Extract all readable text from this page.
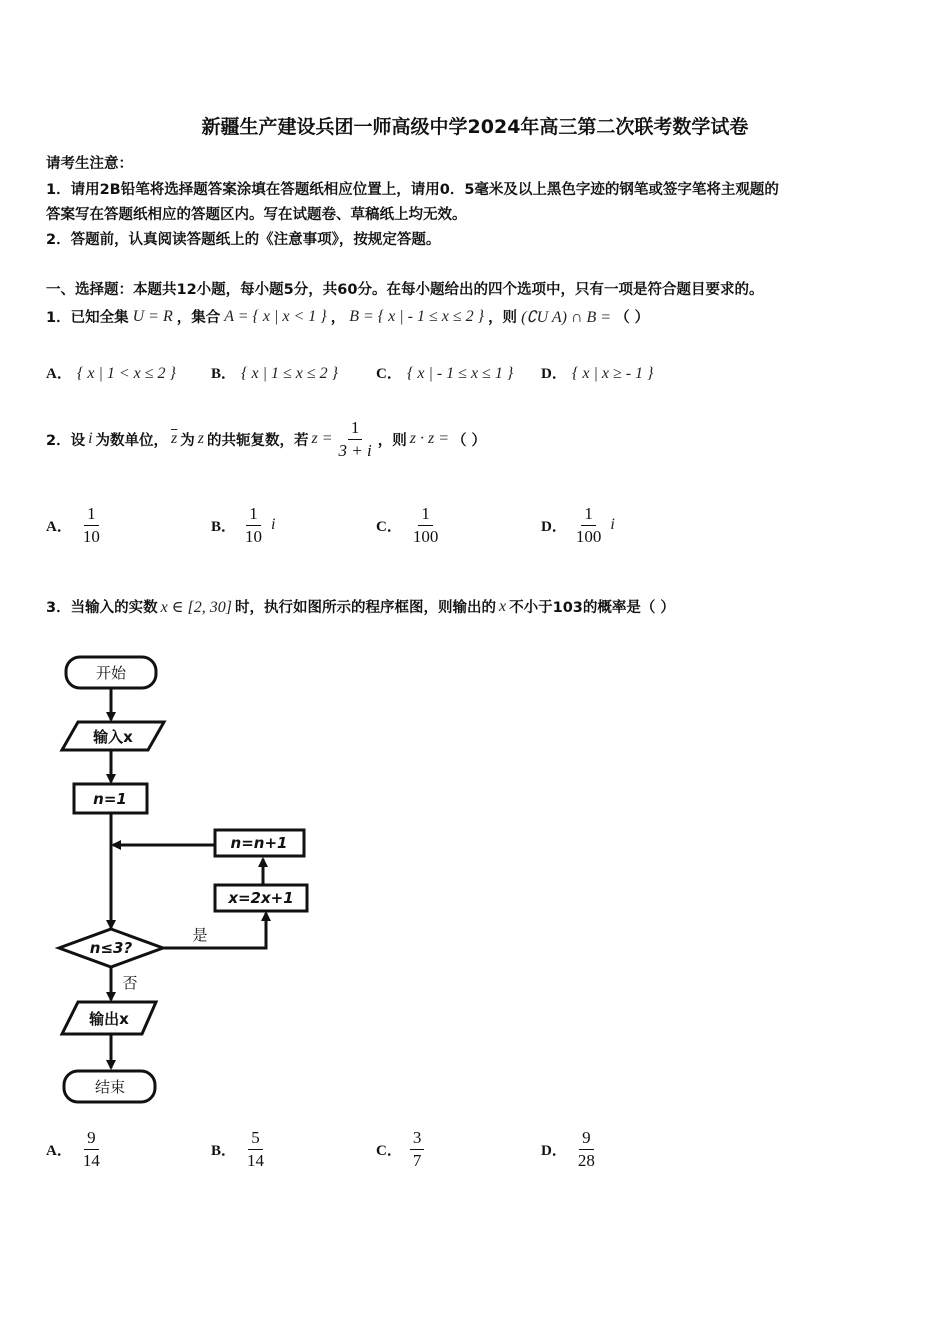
新疆生产建设兵团一师高级中学2024年高三第二次联考数学试卷
请考生注意：
1．请用2B铅笔将选择题答案涂填在答题纸相应位置上，请用0．5毫米及以上黑色字迹的钢笔或签字笔将主观题的
答案写在答题纸相应的答题区内。写在试题卷、草稿纸上均无效。
2．答题前，认真阅读答题纸上的《注意事项》，按规定答题。
一、选择题：本题共12小题，每小题5分，共60分。在每小题给出的四个选项中，只有一项是符合题目要求的。
1．已知全集 U = R ，集合 A = { x | x < 1 } ， B = { x | - 1 ≤ x ≤ 2 } ，则 (∁U A) ∩ B = （ ）
A． { x | 1 < x ≤ 2 } B． { x | 1 ≤ x ≤ 2 }	C． { x | - 1 ≤ x ≤ 1 } D． { x | x ≥ - 1 }
2．设 i 为数单位， $\overline{z}$ 为 z 的共轭复数，若 $z = \frac{1}{3 + i}$ ，则 z · z = （ ）
A． $\frac{1}{10}$	B． $\frac{1}{10}$ i	C． $\frac{1}{100}$	D． $\frac{1}{100}$ i
3．当输入的实数 x ∈ [2, 30] 时，执行如图所示的程序框图，则输出的 x 不小于103的概率是（ ）
开始
输入x
n=1
n=n+1
x=2x+1
n≤3?
是
否
输出x
结束
A． $\frac{9}{14}$	B． $\frac{5}{14}$	C． $\frac{3}{7}$	D． $\frac{9}{28}$
